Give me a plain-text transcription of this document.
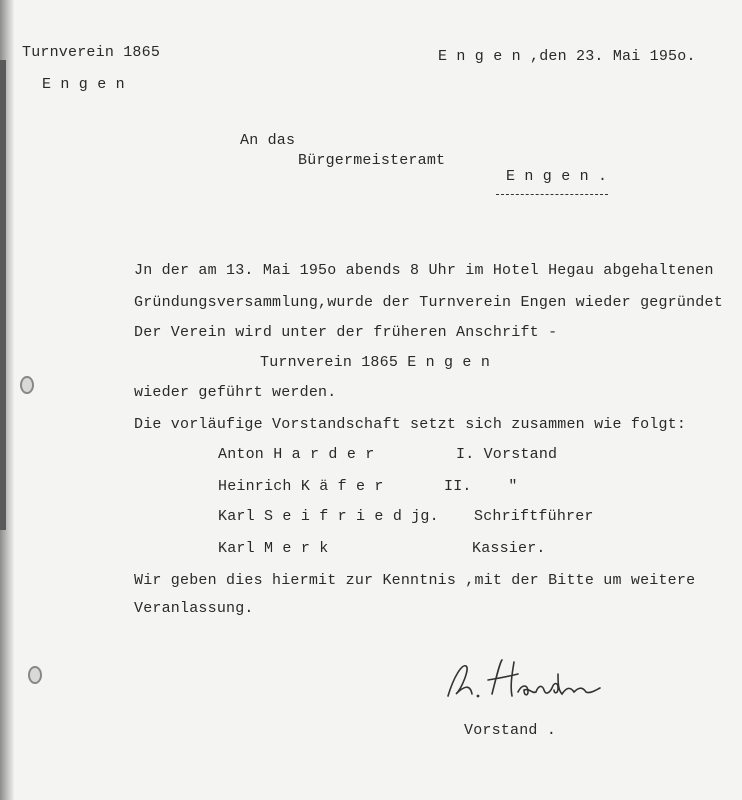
Turnverein 1865
E n g e n
E n g e n ,den 23. Mai 195o.
An das
Bürgermeisteramt
E n g e n .
Jn der am 13. Mai 195o abends 8 Uhr im Hotel Hegau abgehaltenen
Gründungsversammlung,wurde der Turnverein Engen wieder gegründet
Der Verein wird unter der früheren Anschrift -
Turnverein 1865 E n g e n
wieder geführt werden.
Die vorläufige Vorstandschaft setzt sich zusammen wie folgt:
Anton H a r d e r	I. Vorstand
Heinrich K ä f e r	II.    "
Karl S e i f r i e d jg. Schriftführer
Karl M e r k	Kassier.
Wir geben dies hiermit zur Kenntnis ,mit der Bitte um weitere
Veranlassung.
Vorstand .
